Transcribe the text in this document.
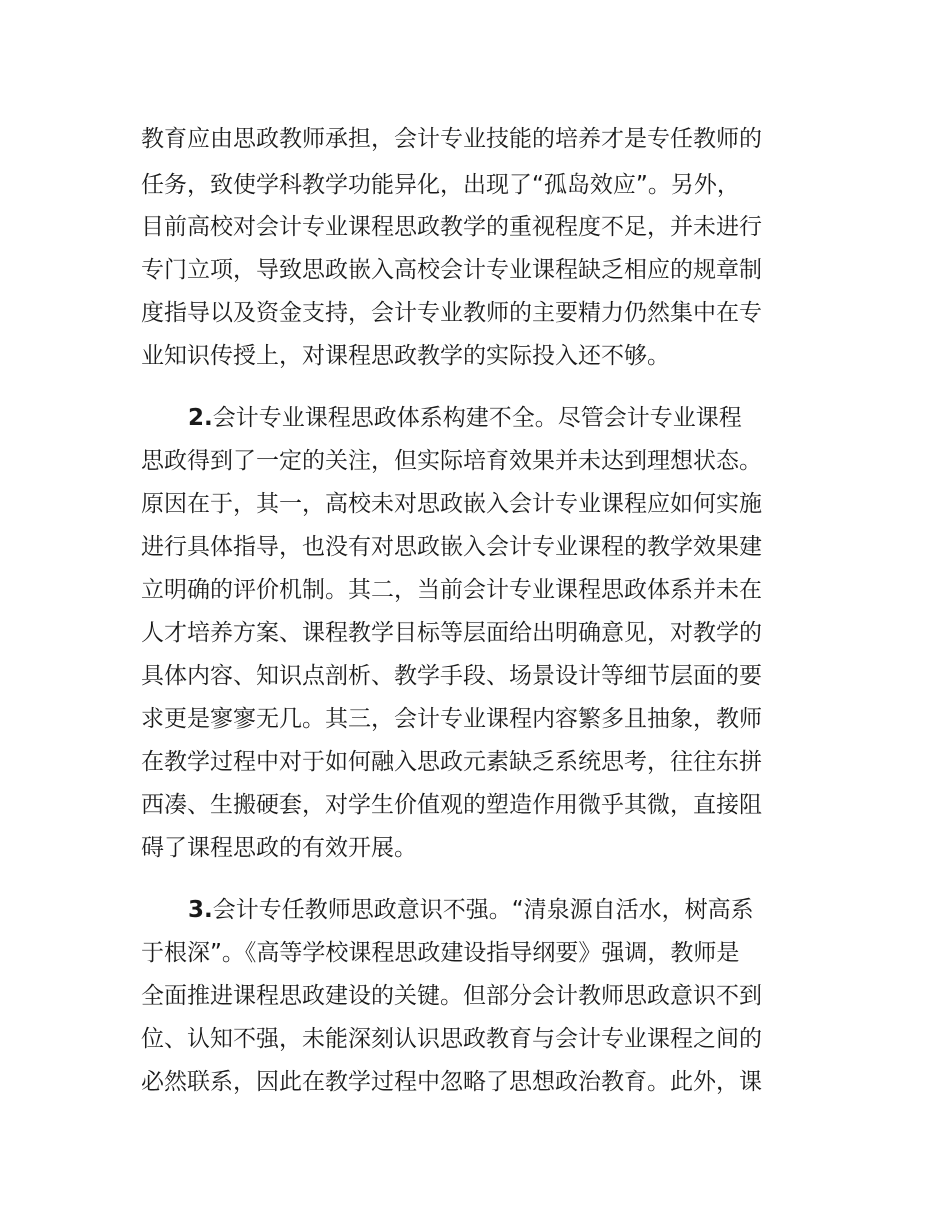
教育应由思政教师承担，会计专业技能的培养才是专任教师的
任务，致使学科教学功能异化，出现了“孤岛效应”。另外，
目前高校对会计专业课程思政教学的重视程度不足，并未进行
专门立项，导致思政嵌入高校会计专业课程缺乏相应的规章制
度指导以及资金支持，会计专业教师的主要精力仍然集中在专
业知识传授上，对课程思政教学的实际投入还不够。
2.会计专业课程思政体系构建不全。尽管会计专业课程
思政得到了一定的关注，但实际培育效果并未达到理想状态。
原因在于，其一，高校未对思政嵌入会计专业课程应如何实施
进行具体指导，也没有对思政嵌入会计专业课程的教学效果建
立明确的评价机制。其二，当前会计专业课程思政体系并未在
人才培养方案、课程教学目标等层面给出明确意见，对教学的
具体内容、知识点剖析、教学手段、场景设计等细节层面的要
求更是寥寥无几。其三，会计专业课程内容繁多且抽象，教师
在教学过程中对于如何融入思政元素缺乏系统思考，往往东拼
西凑、生搬硬套，对学生价值观的塑造作用微乎其微，直接阻
碍了课程思政的有效开展。
3.会计专任教师思政意识不强。“清泉源自活水，树高系
于根深”。《高等学校课程思政建设指导纲要》强调，教师是
全面推进课程思政建设的关键。但部分会计教师思政意识不到
位、认知不强，未能深刻认识思政教育与会计专业课程之间的
必然联系，因此在教学过程中忽略了思想政治教育。此外，课
